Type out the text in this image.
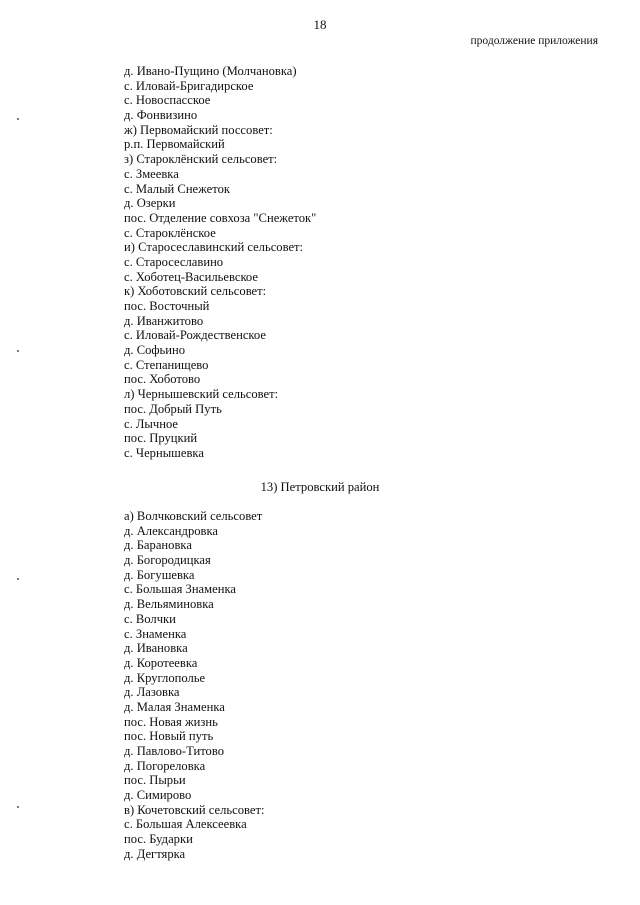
18
продолжение приложения
д. Ивано-Пущино (Молчановка)
с. Иловай-Бригадирское
с. Новоспасское
д. Фонвизино
ж) Первомайский поссовет:
р.п. Первомайский
з) Староклёнский сельсовет:
с. Змеевка
с. Малый Снежеток
д. Озерки
пос. Отделение совхоза "Снежеток"
с. Староклёнское
и) Старосеславинский сельсовет:
с. Старосеславино
с. Хоботец-Васильевское
к) Хоботовский сельсовет:
пос. Восточный
д. Иванжитово
с. Иловай-Рождественское
д. Софьино
с. Степанищево
пос. Хоботово
л) Чернышевский сельсовет:
пос. Добрый Путь
с. Лычное
пос. Пруцкий
с. Чернышевка
13) Петровский район
а) Волчковский сельсовет
д. Александровка
д. Барановка
д. Богородицкая
д. Богушевка
с. Большая Знаменка
д. Вельяминовка
с. Волчки
с. Знаменка
д. Ивановка
д. Коротеевка
д. Круглополье
д. Лазовка
д. Малая Знаменка
пос. Новая жизнь
пос. Новый путь
д. Павлово-Титово
д. Погореловка
пос. Пырьи
д. Симирово
в) Кочетовский сельсовет:
с. Большая Алексеевка
пос. Бударки
д. Дегтярка
